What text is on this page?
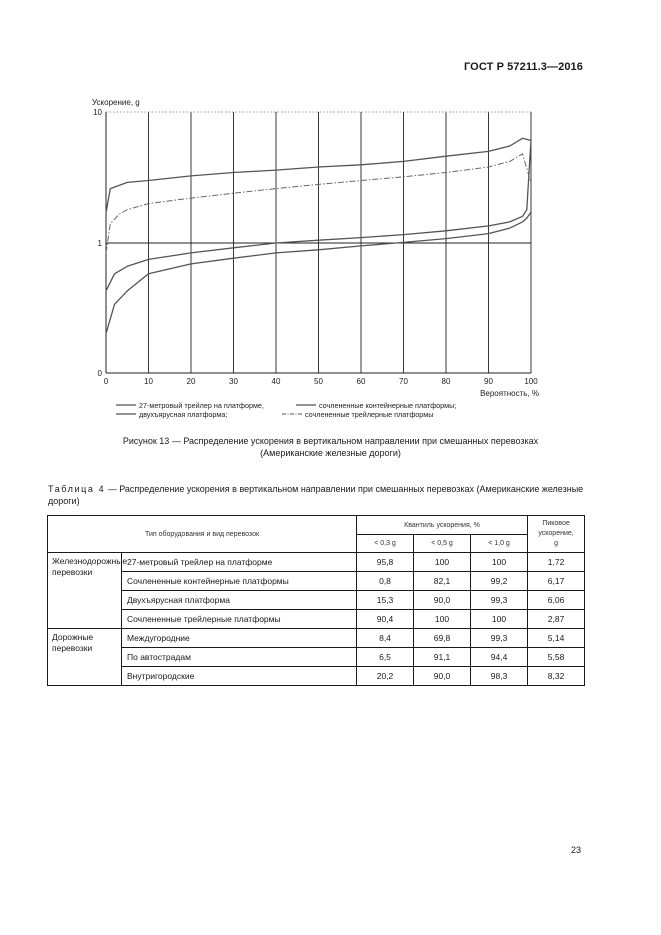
ГОСТ Р 57211.3—2016
0
1
10
0	10	20	30	40	50	60	70	80	90	100
Ускорение, g
Вероятность, %
27-метровый трейлер на платформе,	сочлененные контейнерные платформы;
двухъярусная платформа;	сочлененные трейлерные платформы
Рисунок 13 — Распределение ускорения в вертикальном направлении при смешанных перевозках
(Американские железные дороги)
Таблица 4 — Распределение ускорения в вертикальном направлении при смешанных перевозках (Американские железные дороги)
Тип оборудования и вид перевозок		Квантиль ускорения, %			Пиковое ускорение, g
		< 0,3 g	< 0,5 g	< 1,0 g	
Железнодорожные перевозки	27-метровый трейлер на платформе	95,8	100	100	1,72
	Сочлененные контейнерные платформы	0,8	82,1	99,2	6,17
	Двухъярусная платформа	15,3	90,0	99,3	6,06
	Сочлененные трейлерные платформы	90,4	100	100	2,87
Дорожные перевозки	Междугородние	8,4	69,8	99,3	5,14
	По автострадам	6,5	91,1	94,4	5,58
	Внутригородские	20,2	90,0	98,3	8,32
23
